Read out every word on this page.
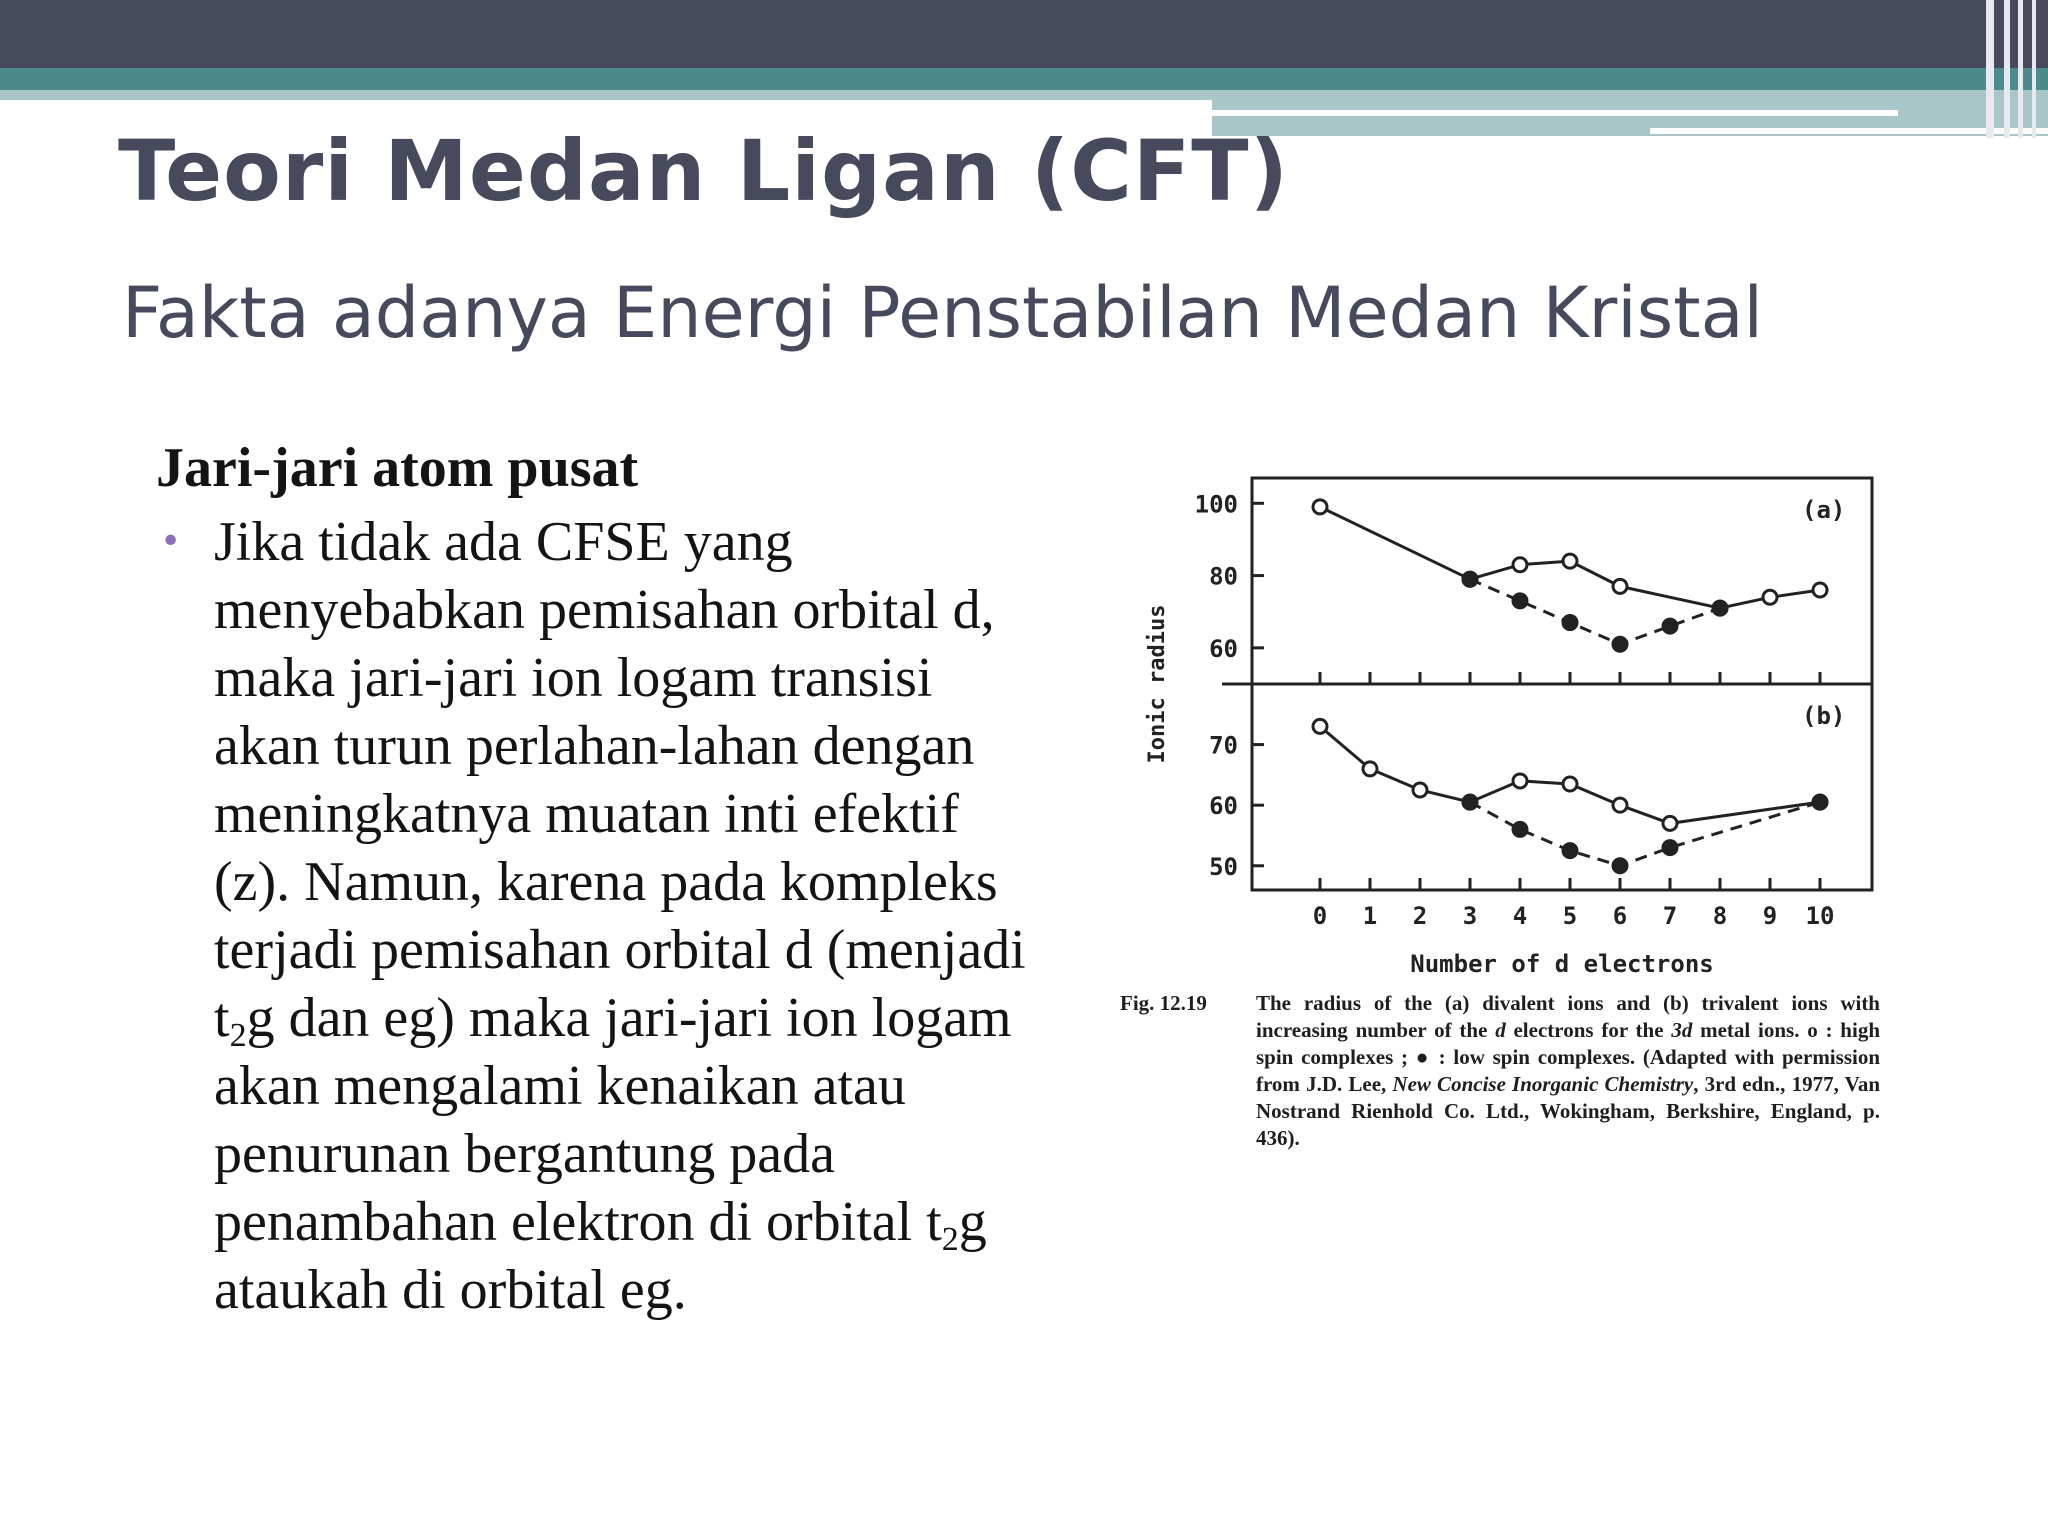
Teori Medan Ligan (CFT)
Fakta adanya Energi Penstabilan Medan Kristal
Jari-jari atom pusat
• Jika tidak ada CFSE yang menyebabkan pemisahan orbital d, maka jari-jari ion logam transisi akan turun perlahan-lahan dengan meningkatnya muatan inti efektif (z). Namun, karena pada kompleks terjadi pemisahan orbital d (menjadi $t_2g$ dan eg) maka jari-jari ion logam akan mengalami kenaikan atau penurunan bergantung pada penambahan elektron di orbital $t_2g$ ataukah di orbital eg.
60
80
100	(a)
50
60
70
(b)
0 1 2 3 4 5 6 7 8 9 10
Number of d electrons
Ionic radius
Fig. 12.19 The radius of the (a) divalent ions and (b) trivalent ions with increasing number of the d electrons for the 3d metal ions. o : high spin complexes ; ● : low spin complexes. (Adapted with permission from J.D. Lee, New Concise Inorganic Chemistry, 3rd edn., 1977, Van Nostrand Rienhold Co. Ltd., Wokingham, Berkshire, England, p. 436).
